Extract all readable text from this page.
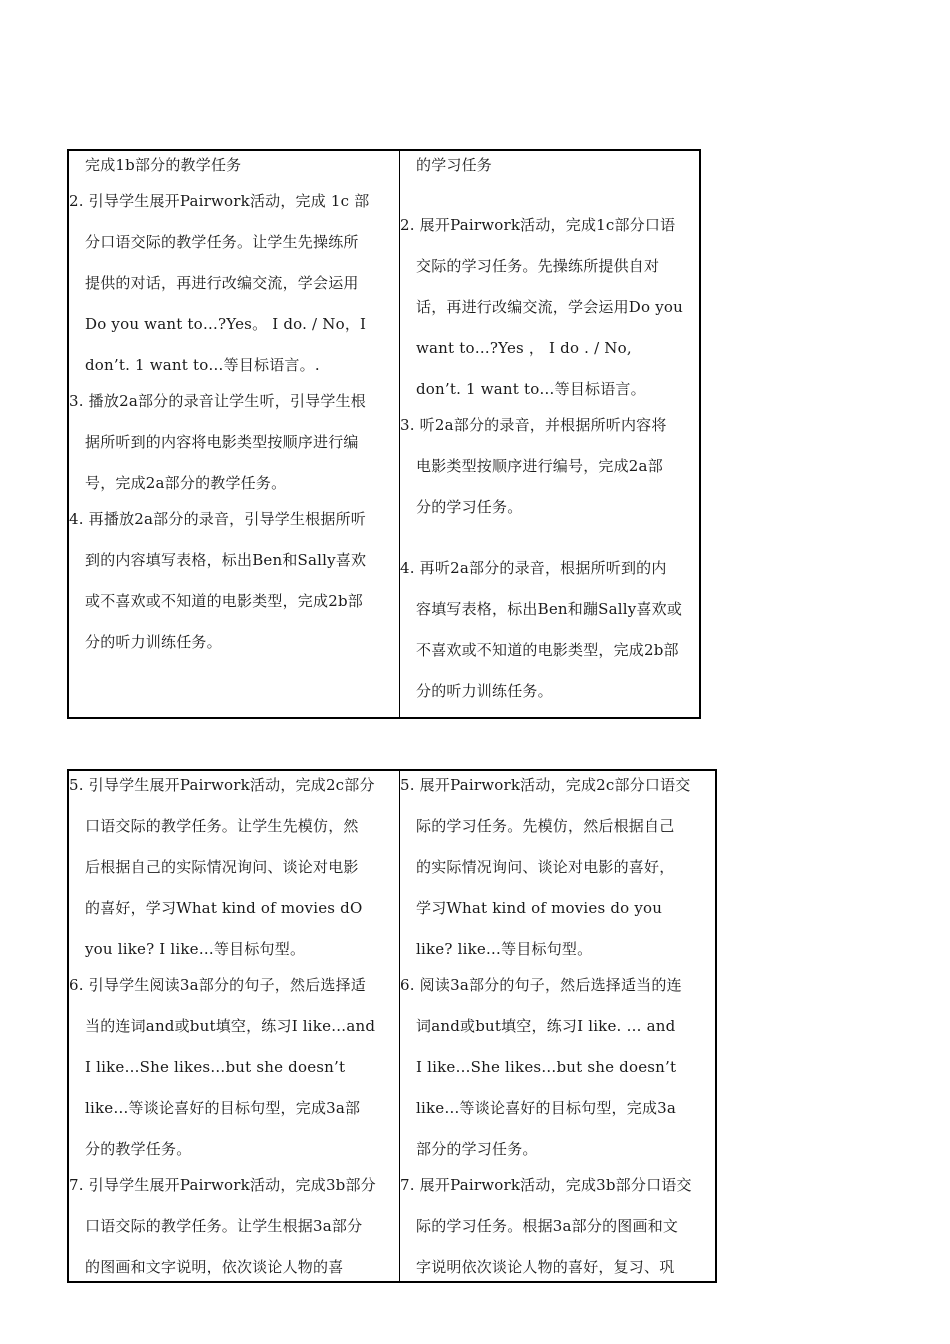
完成1b部分的教学任务
2. 引导学生展开Pairwork活动，完成 1c 部
分口语交际的教学任务。让学生先操练所
提供的对话，再进行改编交流，学会运用
Do you want to…?Yes。 I do. / No，I
don’t. 1 want to…等目标语言。.
3. 播放2a部分的录音让学生听，引导学生根
据所听到的内容将电影类型按顺序进行编
号，完成2a部分的教学任务。
4. 再播放2a部分的录音，引导学生根据所听
到的内容填写表格，标出Ben和Sally喜欢
或不喜欢或不知道的电影类型，完成2b部
分的听力训练任务。
的学习任务
2. 展开Pairwork活动，完成1c部分口语
交际的学习任务。先操练所提供自对
话，再进行改编交流，学会运用Do you
want to…?Yes ， I do . / No,
don’t. 1 want to…等目标语言。
3. 听2a部分的录音，并根据所听内容将
电影类型按顺序进行编号，完成2a部
分的学习任务。
4. 再听2a部分的录音，根据所听到的内
容填写表格，标出Ben和蹦Sally喜欢或
不喜欢或不知道的电影类型，完成2b部
分的听力训练任务。
5. 引导学生展开Pairwork活动，完成2c部分
口语交际的教学任务。让学生先模仿，然
后根据自己的实际情况询问、谈论对电影
的喜好，学习What kind of movies dO
you like? I like…等目标句型。
6. 引导学生阅读3a部分的句子，然后选择适
当的连词and或but填空，练习I like…and
I like…She likes…but she doesn’t
like…等谈论喜好的目标句型，完成3a部
分的教学任务。
7. 引导学生展开Pairwork活动，完成3b部分
口语交际的教学任务。让学生根据3a部分
的图画和文字说明，依次谈论人物的喜
5. 展开Pairwork活动，完成2c部分口语交
际的学习任务。先模仿，然后根据自己
的实际情况询问、谈论对电影的喜好，
学习What kind of movies do you
like? like…等目标句型。
6. 阅读3a部分的句子，然后选择适当的连
词and或but填空，练习I like. … and
I like…She likes…but she doesn’t
like…等谈论喜好的目标句型，完成3a
部分的学习任务。
7. 展开Pairwork活动，完成3b部分口语交
际的学习任务。根据3a部分的图画和文
字说明依次谈论人物的喜好，复习、巩
